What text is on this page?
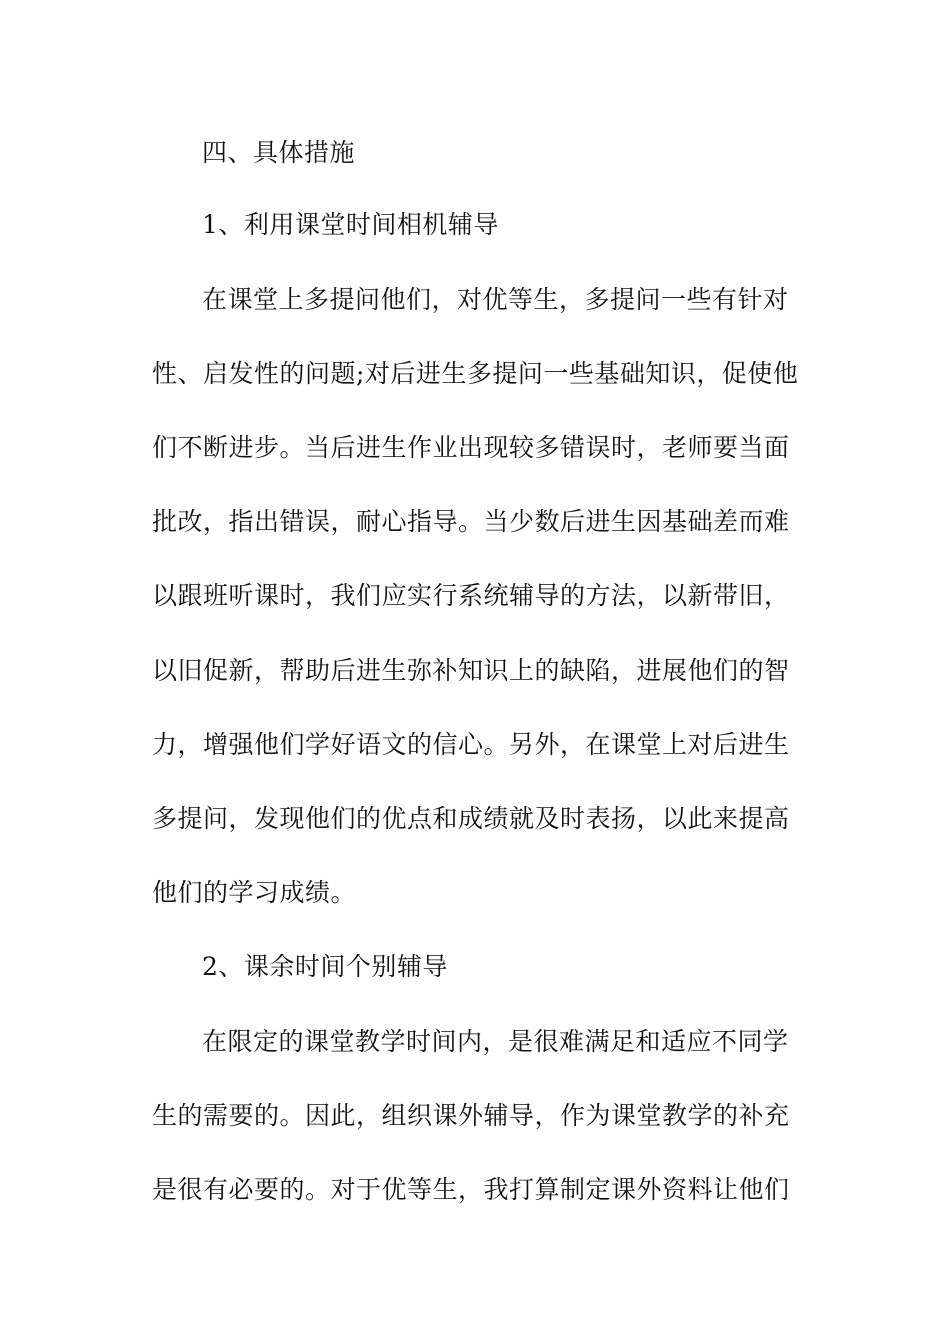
四、具体措施
1、利用课堂时间相机辅导
在课堂上多提问他们，对优等生，多提问一些有针对
性、启发性的问题;对后进生多提问一些基础知识，促使他
们不断进步。当后进生作业出现较多错误时，老师要当面
批改，指出错误，耐心指导。当少数后进生因基础差而难
以跟班听课时，我们应实行系统辅导的方法，以新带旧，
以旧促新，帮助后进生弥补知识上的缺陷，进展他们的智
力，增强他们学好语文的信心。另外，在课堂上对后进生
多提问，发现他们的优点和成绩就及时表扬，以此来提高
他们的学习成绩。
2、课余时间个别辅导
在限定的课堂教学时间内，是很难满足和适应不同学
生的需要的。因此，组织课外辅导，作为课堂教学的补充
是很有必要的。对于优等生，我打算制定课外资料让他们
